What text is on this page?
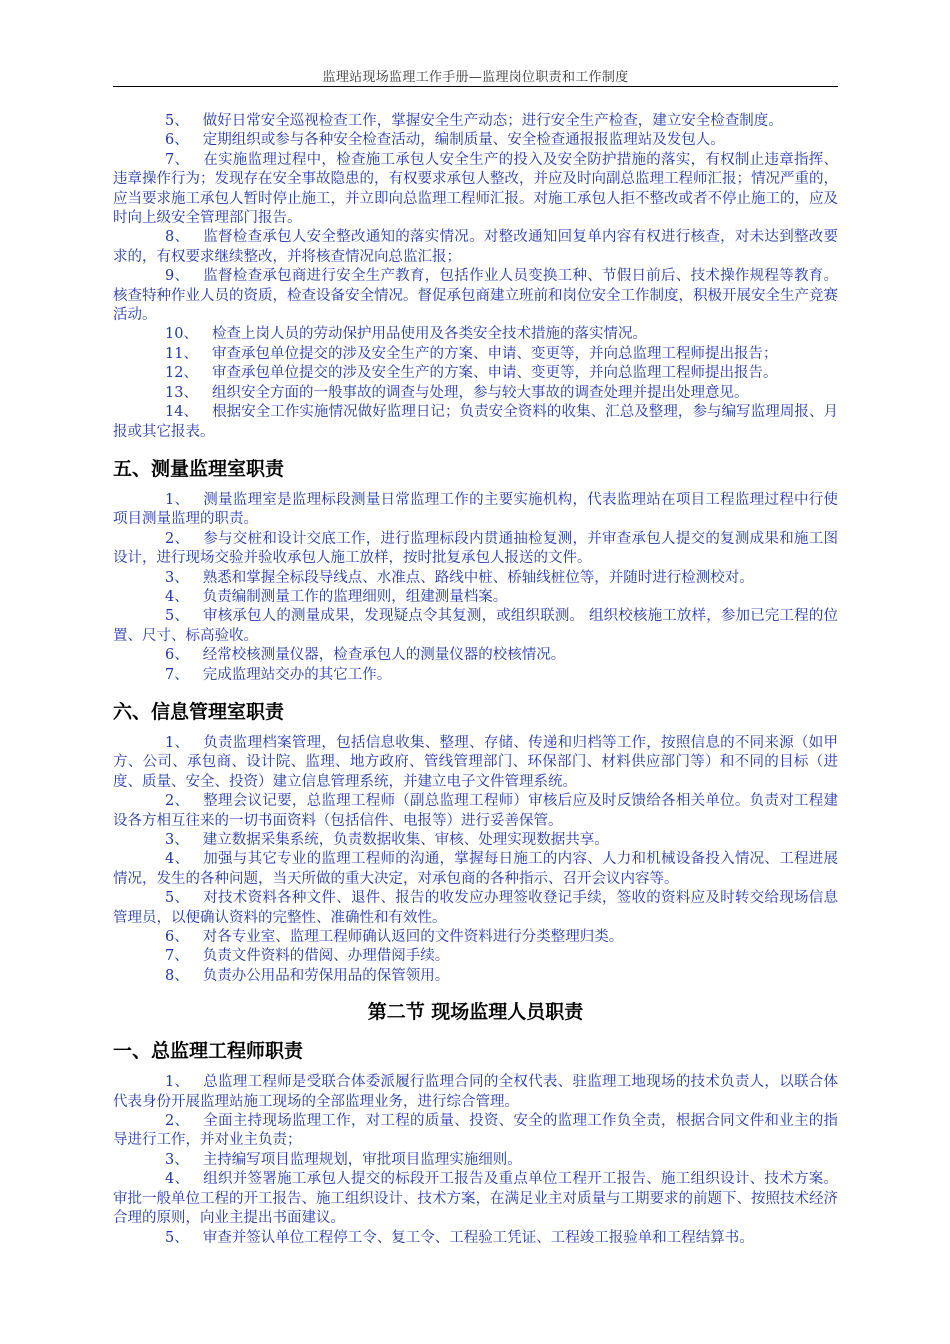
监理站现场监理工作手册—监理岗位职责和工作制度

5、 做好日常安全巡视检查工作，掌握安全生产动态；进行安全生产检查，建立安全检查制度。

6、 定期组织或参与各种安全检查活动，编制质量、安全检查通报报监理站及发包人。

7、 在实施监理过程中，检查施工承包人安全生产的投入及安全防护措施的落实，有权制止违章指挥、违章操作行为；发现存在安全事故隐患的，有权要求承包人整改，并应及时向副总监理工程师汇报；情况严重的，应当要求施工承包人暂时停止施工，并立即向总监理工程师汇报。对施工承包人拒不整改或者不停止施工的，应及时向上级安全管理部门报告。

8、 监督检查承包人安全整改通知的落实情况。对整改通知回复单内容有权进行核查，对未达到整改要求的，有权要求继续整改，并将核查情况向总监汇报；

9、 监督检查承包商进行安全生产教育，包括作业人员变换工种、节假日前后、技术操作规程等教育。核查特种作业人员的资质，检查设备安全情况。督促承包商建立班前和岗位安全工作制度，积极开展安全生产竞赛活动。

10、 检查上岗人员的劳动保护用品使用及各类安全技术措施的落实情况。

11、 审查承包单位提交的涉及安全生产的方案、申请、变更等，并向总监理工程师提出报告；

12、 审查承包单位提交的涉及安全生产的方案、申请、变更等，并向总监理工程师提出报告。

13、 组织安全方面的一般事故的调查与处理，参与较大事故的调查处理并提出处理意见。

14、 根据安全工作实施情况做好监理日记；负责安全资料的收集、汇总及整理，参与编写监理周报、月报或其它报表。

五、测量监理室职责

1、 测量监理室是监理标段测量日常监理工作的主要实施机构，代表监理站在项目工程监理过程中行使项目测量监理的职责。

2、 参与交桩和设计交底工作，进行监理标段内贯通抽检复测，并审查承包人提交的复测成果和施工图设计，进行现场交验并验收承包人施工放样，按时批复承包人报送的文件。

3、 熟悉和掌握全标段导线点、水准点、路线中桩、桥轴线桩位等，并随时进行检测校对。

4、 负责编制测量工作的监理细则，组建测量档案。

5、 审核承包人的测量成果，发现疑点令其复测，或组织联测。 组织校核施工放样，参加已完工程的位置、尺寸、标高验收。

6、 经常校核测量仪器，检查承包人的测量仪器的校核情况。

7、 完成监理站交办的其它工作。

六、信息管理室职责

1、 负责监理档案管理，包括信息收集、整理、存储、传递和归档等工作，按照信息的不同来源（如甲方、公司、承包商、设计院、监理、地方政府、管线管理部门、环保部门、材料供应部门等）和不同的目标（进度、质量、安全、投资）建立信息管理系统，并建立电子文件管理系统。

2、 整理会议记要，总监理工程师（副总监理工程师）审核后应及时反馈给各相关单位。负责对工程建设各方相互往来的一切书面资料（包括信件、电报等）进行妥善保管。

3、 建立数据采集系统，负责数据收集、审核、处理实现数据共享。

4、 加强与其它专业的监理工程师的沟通，掌握每日施工的内容、人力和机械设备投入情况、工程进展情况，发生的各种问题，当天所做的重大决定，对承包商的各种指示、召开会议内容等。

5、 对技术资料各种文件、退件、报告的收发应办理签收登记手续，签收的资料应及时转交给现场信息管理员，以便确认资料的完整性、准确性和有效性。

6、 对各专业室、监理工程师确认返回的文件资料进行分类整理归类。

7、 负责文件资料的借阅、办理借阅手续。

8、 负责办公用品和劳保用品的保管领用。

第二节 现场监理人员职责
一、总监理工程师职责

1、 总监理工程师是受联合体委派履行监理合同的全权代表、驻监理工地现场的技术负责人，以联合体代表身份开展监理站施工现场的全部监理业务，进行综合管理。

2、 全面主持现场监理工作，对工程的质量、投资、安全的监理工作负全责，根据合同文件和业主的指导进行工作，并对业主负责；

3、 主持编写项目监理规划，审批项目监理实施细则。

4、 组织并签署施工承包人提交的标段开工报告及重点单位工程开工报告、施工组织设计、技术方案。审批一般单位工程的开工报告、施工组织设计、技术方案，在满足业主对质量与工期要求的前题下、按照技术经济合理的原则，向业主提出书面建议。

5、 审查并签认单位工程停工令、复工令、工程验工凭证、工程竣工报验单和工程结算书。
